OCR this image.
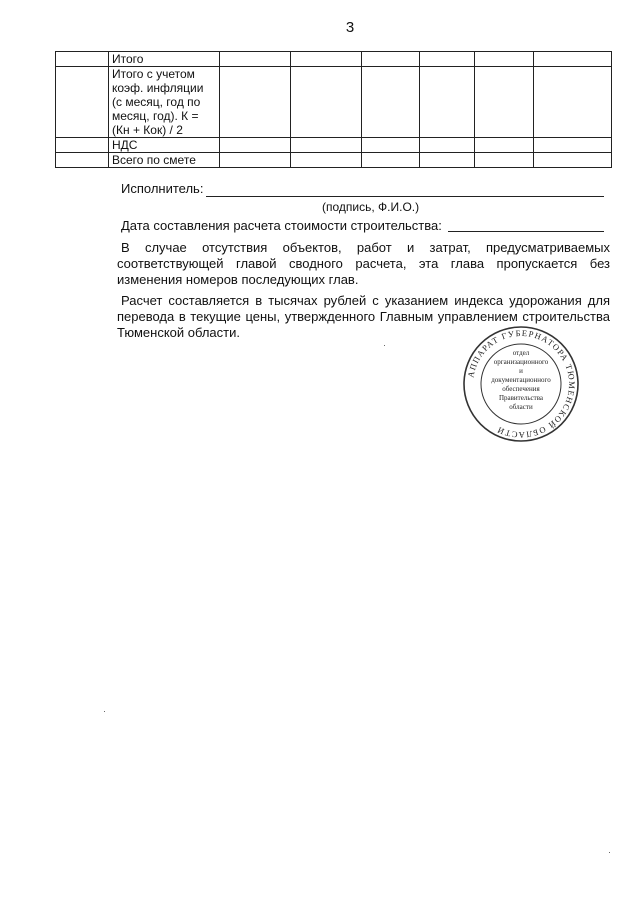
3
	Итого						
	Итого с учетом коэф. инфляции (с месяц, год по месяц, год). К = (Кн + Кок) / 2						
	НДС						
	Всего по смете						
Исполнитель:
(подпись, Ф.И.О.)
Дата составления расчета стоимости строительства:
В случае отсутствия объектов, работ и затрат, предусматриваемых соответствующей главой сводного расчета, эта глава пропускается без изменения номеров последующих глав.
Расчет составляется в тысячах рублей с указанием индекса удорожания для перевода в текущие цены, утвержденного Главным управлением строительства Тюменской области.
АППАРАТ ГУБЕРНАТОРА ТЮМЕНСКОЙ ОБЛАСТИ
отдел
организационного
и
документационного
обеспечения
Правительства
области
